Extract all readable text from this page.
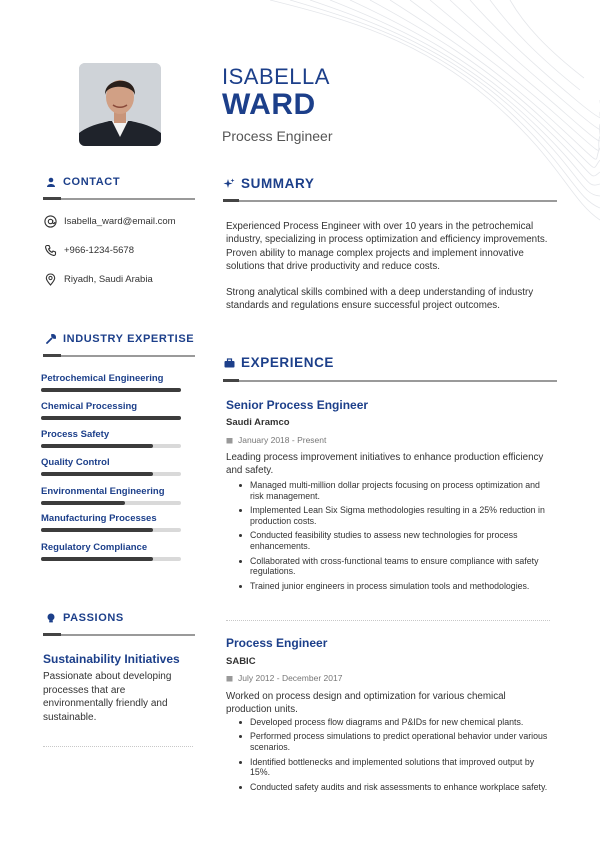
ISABELLA
WARD
Process Engineer
CONTACT
Isabella_ward@email.com
+966-1234-5678
Riyadh, Saudi Arabia
INDUSTRY EXPERTISE
Petrochemical Engineering
Chemical Processing
Process Safety
Quality Control
Environmental Engineering
Manufacturing Processes
Regulatory Compliance
PASSIONS
Sustainability Initiatives
Passionate about developing processes that are environmentally friendly and sustainable.
SUMMARY
Experienced Process Engineer with over 10 years in the petrochemical industry, specializing in process optimization and efficiency improvements. Proven ability to manage complex projects and implement innovative solutions that drive productivity and reduce costs.
Strong analytical skills combined with a deep understanding of industry standards and regulations ensure successful project outcomes.
EXPERIENCE
Senior Process Engineer
Saudi Aramco
January 2018 - Present
Leading process improvement initiatives to enhance production efficiency and safety.
Managed multi-million dollar projects focusing on process optimization and risk management.
Implemented Lean Six Sigma methodologies resulting in a 25% reduction in production costs.
Conducted feasibility studies to assess new technologies for process enhancements.
Collaborated with cross-functional teams to ensure compliance with safety regulations.
Trained junior engineers in process simulation tools and methodologies.
Process Engineer
SABIC
July 2012 - December 2017
Worked on process design and optimization for various chemical production units.
Developed process flow diagrams and P&IDs for new chemical plants.
Performed process simulations to predict operational behavior under various scenarios.
Identified bottlenecks and implemented solutions that improved output by 15%.
Conducted safety audits and risk assessments to enhance workplace safety.
